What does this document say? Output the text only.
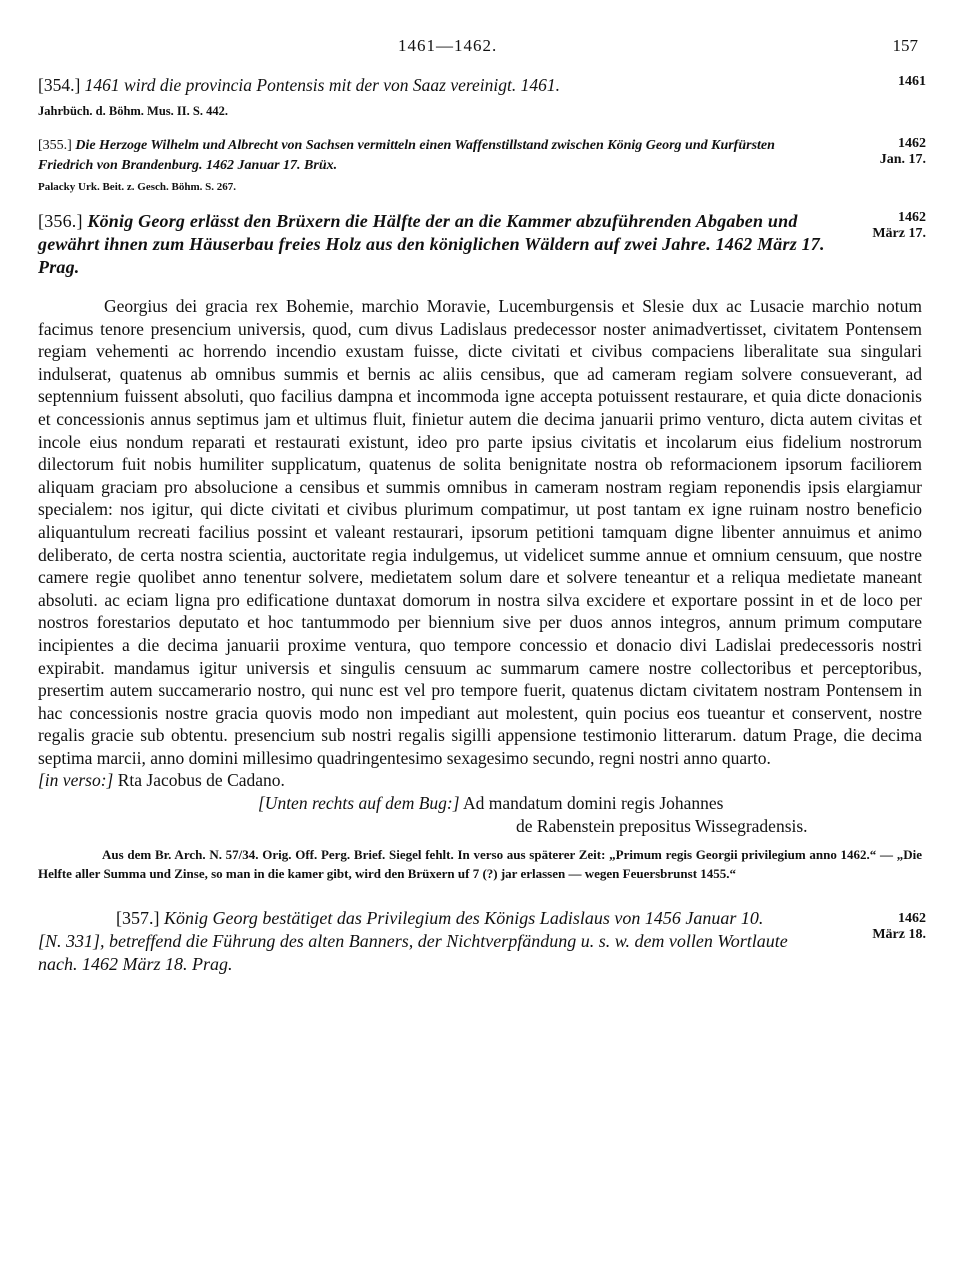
1461—1462.	157
1461
[354.] 1461 wird die provincia Pontensis mit der von Saaz vereinigt. 1461.
Jahrbüch. d. Böhm. Mus. II. S. 442.
1462
Jan. 17.
[355.] Die Herzoge Wilhelm und Albrecht von Sachsen vermitteln einen Waffenstillstand zwischen König Georg und Kurfürsten Friedrich von Brandenburg. 1462 Januar 17. Brüx.
Palacky Urk. Beit. z. Gesch. Böhm. S. 267.
1462
März 17.
[356.] König Georg erlässt den Brüxern die Hälfte der an die Kammer abzuführenden Abgaben und gewährt ihnen zum Häuserbau freies Holz aus den königlichen Wäldern auf zwei Jahre. 1462 März 17. Prag.

Georgius dei gracia rex Bohemie, marchio Moravie, Lucemburgensis et Slesie dux ac Lusacie marchio notum facimus tenore presencium universis, quod, cum divus Ladislaus predecessor noster animadvertisset, civitatem Pontensem regiam vehementi ac horrendo incendio exustam fuisse, dicte civitati et civibus compaciens liberalitate sua singulari indulserat, quatenus ab omnibus summis et bernis ac aliis censibus, que ad cameram regiam solvere consueverant, ad septennium fuissent absoluti, quo facilius dampna et incommoda igne accepta potuissent restaurare, et quia dicte donacionis et concessionis annus septimus jam et ultimus fluit, finietur autem die decima januarii primo venturo, dicta autem civitas et incole eius nondum reparati et restaurati existunt, ideo pro parte ipsius civitatis et incolarum eius fidelium nostrorum dilectorum fuit nobis humiliter supplicatum, quatenus de solita benignitate nostra ob reformacionem ipsorum faciliorem aliquam graciam pro absolucione a censibus et summis omnibus in cameram nostram regiam reponendis ipsis elargiamur specialem: nos igitur, qui dicte civitati et civibus plurimum compatimur, ut post tantam ex igne ruinam nostro beneficio aliquantulum recreati facilius possint et valeant restaurari, ipsorum petitioni tamquam digne libenter annuimus et animo deliberato, de certa nostra scientia, auctoritate regia indulgemus, ut videlicet summe annue et omnium censuum, que nostre camere regie quolibet anno tenentur solvere, medietatem solum dare et solvere teneantur et a reliqua medietate maneant absoluti. ac eciam ligna pro edificatione duntaxat domorum in nostra silva excidere et exportare possint in et de loco per nostros forestarios deputato et hoc tantummodo per biennium sive per duos annos integros, annum primum computare incipientes a die decima januarii proxime ventura, quo tempore concessio et donacio divi Ladislai predecessoris nostri expirabit. mandamus igitur universis et singulis censuum ac summarum camere nostre collectoribus et perceptoribus, presertim autem succamerario nostro, qui nunc est vel pro tempore fuerit, quatenus dictam civitatem nostram Pontensem in hac concessionis nostre gracia quovis modo non impediant aut molestent, quin pocius eos tueantur et conservent, nostre regalis gracie sub obtentu. presencium sub nostri regalis sigilli appensione testimonio litterarum. datum Prage, die decima septima marcii, anno domini millesimo quadringentesimo sexagesimo secundo, regni nostri anno quarto.

[in verso:] Rta Jacobus de Cadano.
[Unten rechts auf dem Bug:] Ad mandatum domini regis Johannes
de Rabenstein prepositus Wissegradensis.
Aus dem Br. Arch. N. 57/34. Orig. Off. Perg. Brief. Siegel fehlt. In verso aus späterer Zeit: „Primum regis Georgii privilegium anno 1462.“ — „Die Helfte aller Summa und Zinse, so man in die kamer gibt, wird den Brüxern uf 7 (?) jar erlassen — wegen Feuersbrunst 1455.“
1462
März 18.
[357.] König Georg bestätiget das Privilegium des Königs Ladislaus von 1456 Januar 10.
[N. 331], betreffend die Führung des alten Banners, der Nichtverpfändung u. s. w. dem vollen Wortlaute nach. 1462 März 18. Prag.
